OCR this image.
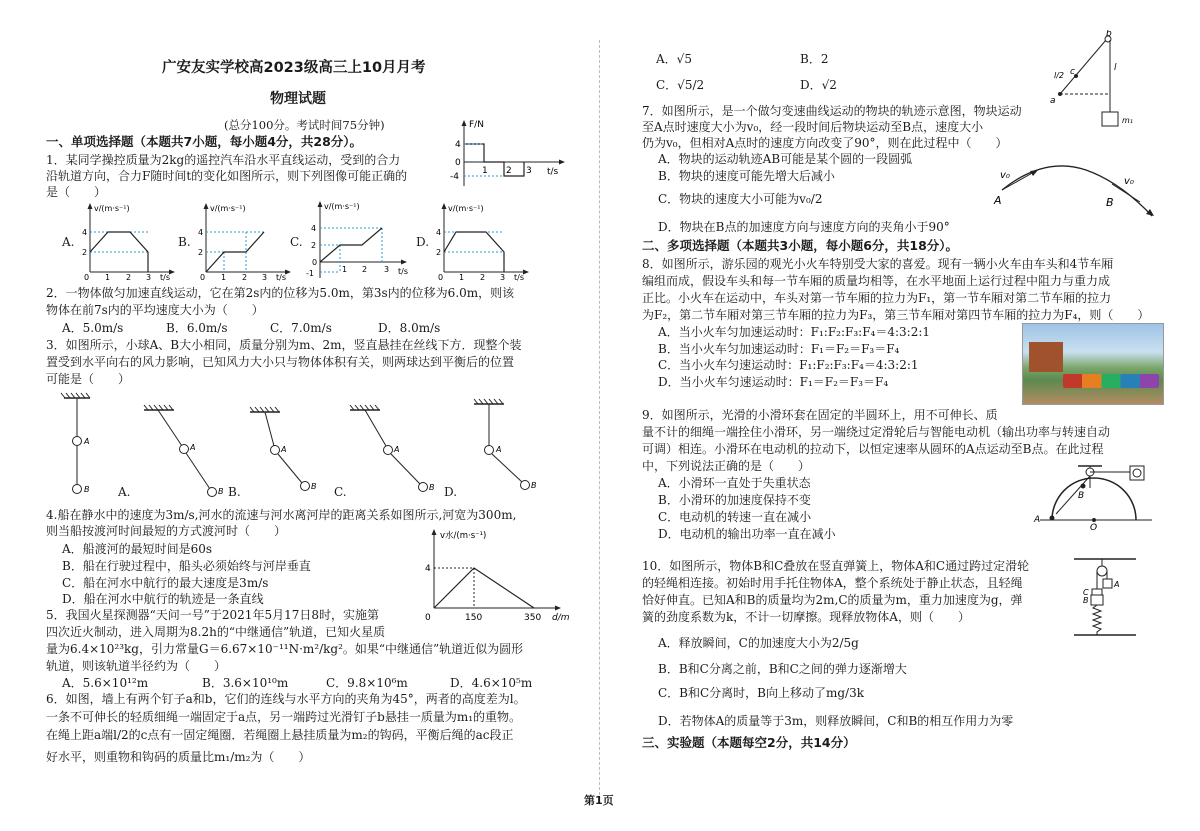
广安友实学校高2023级高三上10月月考
物理试题
(总分100分。考试时间75分钟)
一、单项选择题（本题共7小题，每小题4分，共28分）。
F/N
t/s
4
0
-4
1 2 3
1．某同学操控质量为2kg的遥控汽车沿水平直线运动，受到的合力
沿轨道方向，合力F随时间t的变化如图所示，则下列图像可能正确的
是（　　）
A.
v/(m·s⁻¹)
4
2
0 1 2 3 t/s
B.
v/(m·s⁻¹)
4
2
0 1 2 3 t/s
C.
v/(m·s⁻¹)
4
2
0
-1	1 2 3 t/s
D.
v/(m·s⁻¹)
4
2
0 1 2 3 t/s
2．一物体做匀加速直线运动，它在第2s内的位移为5.0m，第3s内的位移为6.0m，则该
物体在前7s内的平均速度大小为（　　）
A．5.0m/s	B．6.0m/s	C．7.0m/s	D．8.0m/s
3．如图所示，小球A、B大小相同，质量分别为m、2m，竖直悬挂在丝线下方．现整个装
置受到水平向右的风力影响，已知风力大小只与物体体积有关，则两球达到平衡后的位置
可能是（　　）
A
B
A
B
A
B
A
B
A
B
A.	B.	C.	D.
4.船在静水中的速度为3m/s,河水的流速与河水离河岸的距离关系如图所示,河宽为300m,
则当船按渡河时间最短的方式渡河时（　　）
A．船渡河的最短时间是60s
B．船在行驶过程中，船头必须始终与河岸垂直
C．船在河水中航行的最大速度是3m/s
D．船在河水中航行的轨迹是一条直线
v水/(m·s⁻¹)
d/m
4
0	150	350
5．我国火星探测器“天问一号”于2021年5月17日8时，实施第
四次近火制动，进入周期为8.2h的“中继通信”轨道，已知火星质
量为6.4×10²³kg，引力常量G＝6.67×10⁻¹¹N·m²/kg²。如果“中继通信”轨道近似为圆形
轨道，则该轨道半径约为（　　）
A．5.6×10¹²m	B．3.6×10¹⁰m	C．9.8×10⁶m	D．4.6×10⁵m
6．如图，墙上有两个钉子a和b，它们的连线与水平方向的夹角为45°，两者的高度差为l。
一条不可伸长的轻质细绳一端固定于a点，另一端跨过光滑钉子b悬挂一质量为m₁的重物。
在绳上距a端l/2的c点有一固定绳圈．若绳圈上悬挂质量为m₂的钩码，平衡后绳的ac段正
好水平，则重物和钩码的质量比m₁/m₂为（　　）
A．√5	B．2
C．√5/2	D．√2
b
c
a
l/2
l
m₁
7．如图所示，是一个做匀变速曲线运动的物块的轨迹示意图，物块运动
至A点时速度大小为v₀，经一段时间后物块运动至B点，速度大小
仍为v₀，但相对A点时的速度方向改变了90°，则在此过程中（　　）
A．物块的运动轨迹AB可能是某个圆的一段圆弧
B．物块的速度可能先增大后减小
C．物块的速度大小可能为v₀/2
D．物块在B点的加速度方向与速度方向的夹角小于90°
v₀
v₀
A	B
二、多项选择题（本题共3小题，每小题6分，共18分）。
8．如图所示，游乐园的观光小火车特别受大家的喜爱。现有一辆小火车由车头和4节车厢
编组而成，假设车头和每一节车厢的质量均相等，在水平地面上运行过程中阻力与重力成
正比。小火车在运动中，车头对第一节车厢的拉力为F₁，第一节车厢对第二节车厢的拉力
为F₂，第二节车厢对第三节车厢的拉力为F₃，第三节车厢对第四节车厢的拉力为F₄，则（　　）
A．当小火车匀加速运动时：F₁:F₂:F₃:F₄＝4:3:2:1
B．当小火车匀加速运动时：F₁＝F₂＝F₃＝F₄
C．当小火车匀速运动时：F₁:F₂:F₃:F₄＝4:3:2:1
D．当小火车匀速运动时：F₁＝F₂＝F₃＝F₄
9．如图所示，光滑的小滑环套在固定的半圆环上，用不可伸长、质
量不计的细绳一端拴住小滑环，另一端绕过定滑轮后与智能电动机（输出功率与转速自动
可调）相连。小滑环在电动机的拉动下，以恒定速率从圆环的A点运动至B点。在此过程
中，下列说法正确的是（　　）
A．小滑环一直处于失重状态
B．小滑环的加速度保持不变
C．电动机的转速一直在减小
D．电动机的输出功率一直在减小
B
A
O
10．如图所示，物体B和C叠放在竖直弹簧上，物体A和C通过跨过定滑轮
的轻绳相连接。初始时用手托住物体A，整个系统处于静止状态，且轻绳
恰好伸直。已知A和B的质量均为2m,C的质量为m，重力加速度为g，弹
簧的劲度系数为k，不计一切摩擦。现释放物体A，则（　　）
A．释放瞬间，C的加速度大小为2/5g
B．B和C分离之前，B和C之间的弹力逐渐增大
C．B和C分离时，B向上移动了mg/3k
D．若物体A的质量等于3m，则释放瞬间，C和B的相互作用力为零
A
C
B
三、实验题（本题每空2分，共14分）
第1页
